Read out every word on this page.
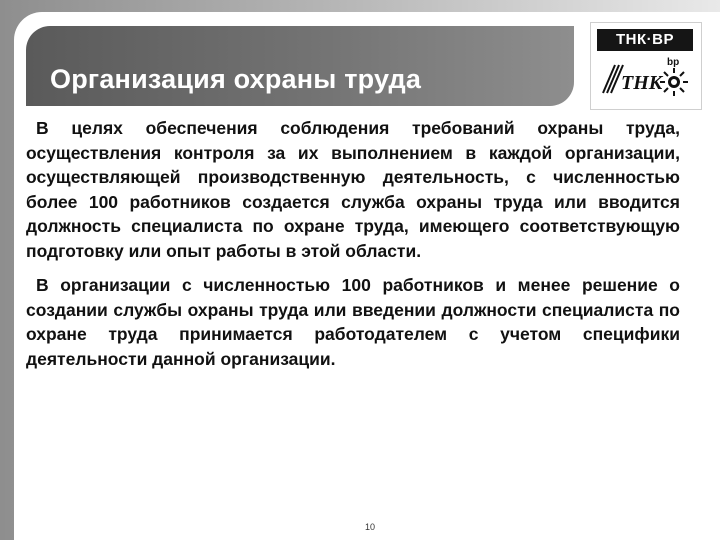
Организация охраны труда
ТНК·BP
ТНК
bp

В целях обеспечения соблюдения требований охраны труда, осуществления контроля за их выполнением в каждой организации, осуществляющей производственную деятельность, с численностью более 100 работников создается служба охраны труда или вводится должность специалиста по охране труда, имеющего соответствующую подготовку или опыт работы в этой области.

В организации с численностью 100 работников и менее решение о создании службы охраны труда или введении должности специалиста по охране труда принимается работодателем с учетом специфики деятельности данной организации.

10
